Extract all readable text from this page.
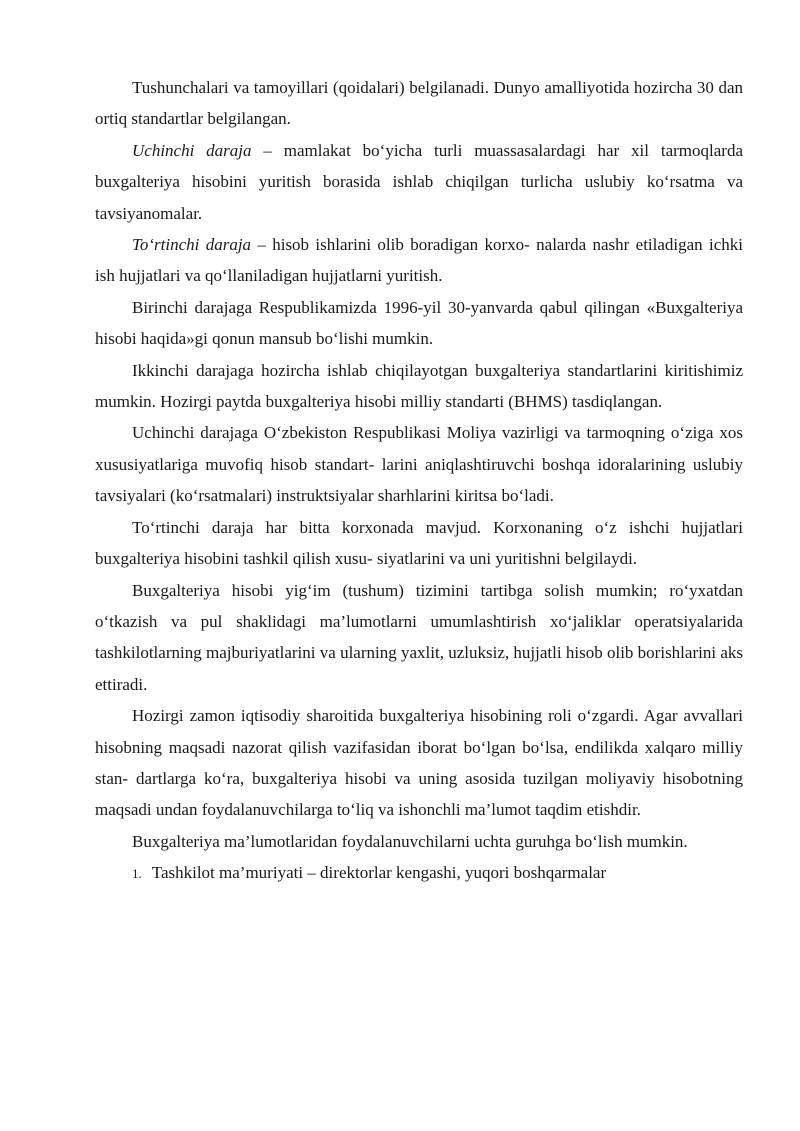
Tushunchalari va tamoyillari (qoidalari) belgilanadi. Dunyo amalliyotida hozircha 30 dan ortiq standartlar belgilangan.

Uchinchi daraja – mamlakat bo‘yicha turli muassasalardagi har xil tarmoqlarda buxgalteriya hisobini yuritish borasida ishlab chiqilgan turlicha uslubiy ko‘rsatma va tavsiyanomalar.

To‘rtinchi daraja – hisob ishlarini olib boradigan korxo- nalarda nashr etiladigan ichki ish hujjatlari va qo‘llaniladigan hujjatlarni yuritish.

Birinchi darajaga Respublikamizda 1996-yil 30-yanvarda qabul qilingan «Buxgalteriya hisobi haqida»gi qonun mansub bo‘lishi mumkin.

Ikkinchi darajaga hozircha ishlab chiqilayotgan buxgalteriya standartlarini kiritishimiz mumkin. Hozirgi paytda buxgalteriya hisobi milliy standarti (BHMS) tasdiqlangan.

Uchinchi darajaga O‘zbekiston Respublikasi Moliya vazirligi va tarmoqning o‘ziga xos xususiyatlariga muvofiq hisob standart- larini aniqlashtiruvchi boshqa idoralarining uslubiy tavsiyalari (ko‘rsatmalari) instruktsiyalar sharhlarini kiritsa bo‘ladi.

To‘rtinchi daraja har bitta korxonada mavjud. Korxonaning o‘z ishchi hujjatlari buxgalteriya hisobini tashkil qilish xusu- siyatlarini va uni yuritishni belgilaydi.

Buxgalteriya hisobi yig‘im (tushum) tizimini tartibga solish mumkin; ro‘yxatdan o‘tkazish va pul shaklidagi ma’lumotlarni umumlashtirish xo‘jaliklar operatsiyalarida tashkilotlarning majburiyatlarini va ularning yaxlit, uzluksiz, hujjatli hisob olib borishlarini aks ettiradi.

Hozirgi zamon iqtisodiy sharoitida buxgalteriya hisobining roli o‘zgardi. Agar avvallari hisobning maqsadi nazorat qilish vazifasidan iborat bo‘lgan bo‘lsa, endilikda xalqaro milliy stan- dartlarga ko‘ra, buxgalteriya hisobi va uning asosida tuzilgan moliyaviy hisobotning maqsadi undan foydalanuvchilarga to‘liq va ishonchli ma’lumot taqdim etishdir.

Buxgalteriya ma’lumotlaridan foydalanuvchilarni uchta guruhga bo‘lish mumkin.

1. Tashkilot ma’muriyati – direktorlar kengashi, yuqori boshqarmalar
